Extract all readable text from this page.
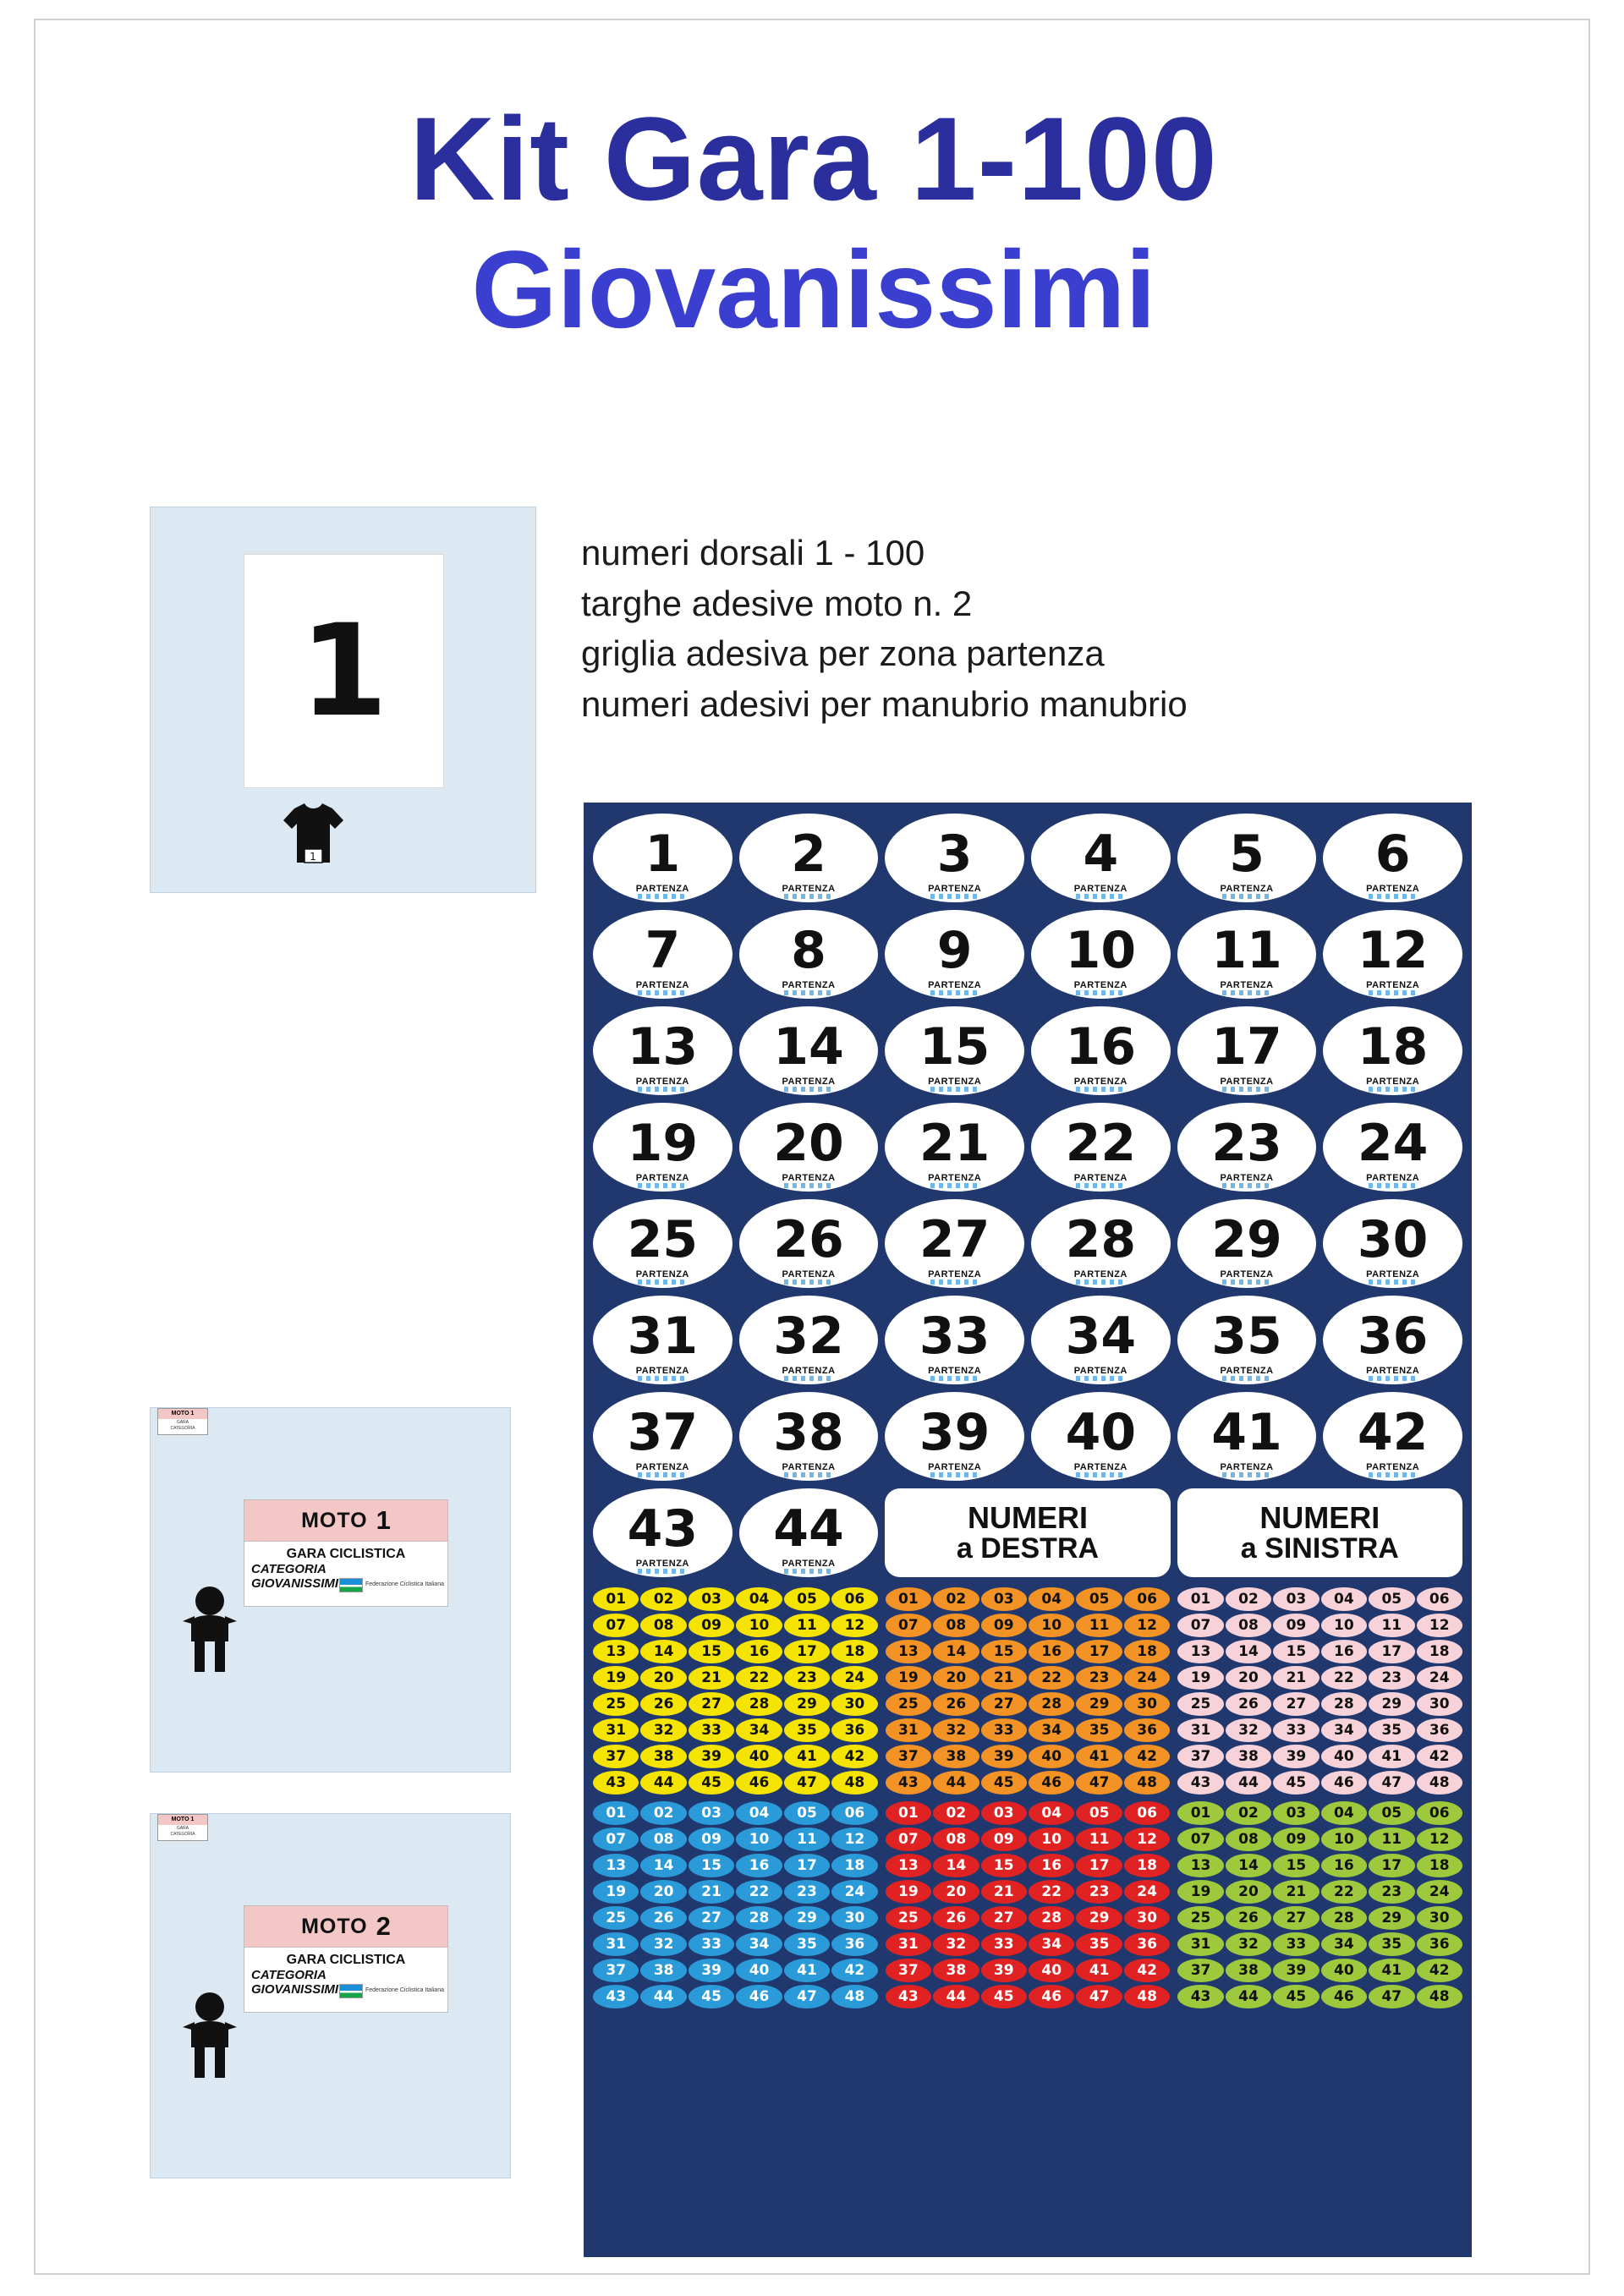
Kit Gara 1-100
Giovanissimi
1
1
numeri dorsali 1 - 100
targhe adesive moto n. 2
griglia adesiva per zona partenza
numeri adesivi per manubrio manubrio
MOTO 1
GARA CICLISTICA
CATEGORIA
GIOVANISSIMI	Federazione Ciclistica Italiana
MOTO 1
GARA
CATEGORIA
MOTO 2
GARA CICLISTICA
CATEGORIA
GIOVANISSIMI	Federazione Ciclistica Italiana
MOTO 1
GARA
CATEGORIA
1
PARTENZA
2
PARTENZA
3
PARTENZA
4
PARTENZA
5
PARTENZA
6
PARTENZA
7
PARTENZA
8
PARTENZA
9
PARTENZA
10
PARTENZA
11
PARTENZA
12
PARTENZA
13
PARTENZA
14
PARTENZA
15
PARTENZA
16
PARTENZA
17
PARTENZA
18
PARTENZA
19
PARTENZA
20
PARTENZA
21
PARTENZA
22
PARTENZA
23
PARTENZA
24
PARTENZA
25
PARTENZA
26
PARTENZA
27
PARTENZA
28
PARTENZA
29
PARTENZA
30
PARTENZA
31
PARTENZA
32
PARTENZA
33
PARTENZA
34
PARTENZA
35
PARTENZA
36
PARTENZA
37
PARTENZA
38
PARTENZA
39
PARTENZA
40
PARTENZA
41
PARTENZA
42
PARTENZA
43
PARTENZA
44
PARTENZA
NUMERI
a DESTRA
NUMERI
a SINISTRA
01	02	03	04	05	06
07	08	09	10	11	12
13	14	15	16	17	18
19	20	21	22	23	24
25	26	27	28	29	30
31	32	33	34	35	36
37	38	39	40	41	42
43	44	45	46	47	48
01	02	03	04	05	06
07	08	09	10	11	12
13	14	15	16	17	18
19	20	21	22	23	24
25	26	27	28	29	30
31	32	33	34	35	36
37	38	39	40	41	42
43	44	45	46	47	48
01	02	03	04	05	06
07	08	09	10	11	12
13	14	15	16	17	18
19	20	21	22	23	24
25	26	27	28	29	30
31	32	33	34	35	36
37	38	39	40	41	42
43	44	45	46	47	48
01	02	03	04	05	06
07	08	09	10	11	12
13	14	15	16	17	18
19	20	21	22	23	24
25	26	27	28	29	30
31	32	33	34	35	36
37	38	39	40	41	42
43	44	45	46	47	48
01	02	03	04	05	06
07	08	09	10	11	12
13	14	15	16	17	18
19	20	21	22	23	24
25	26	27	28	29	30
31	32	33	34	35	36
37	38	39	40	41	42
43	44	45	46	47	48
01	02	03	04	05	06
07	08	09	10	11	12
13	14	15	16	17	18
19	20	21	22	23	24
25	26	27	28	29	30
31	32	33	34	35	36
37	38	39	40	41	42
43	44	45	46	47	48
